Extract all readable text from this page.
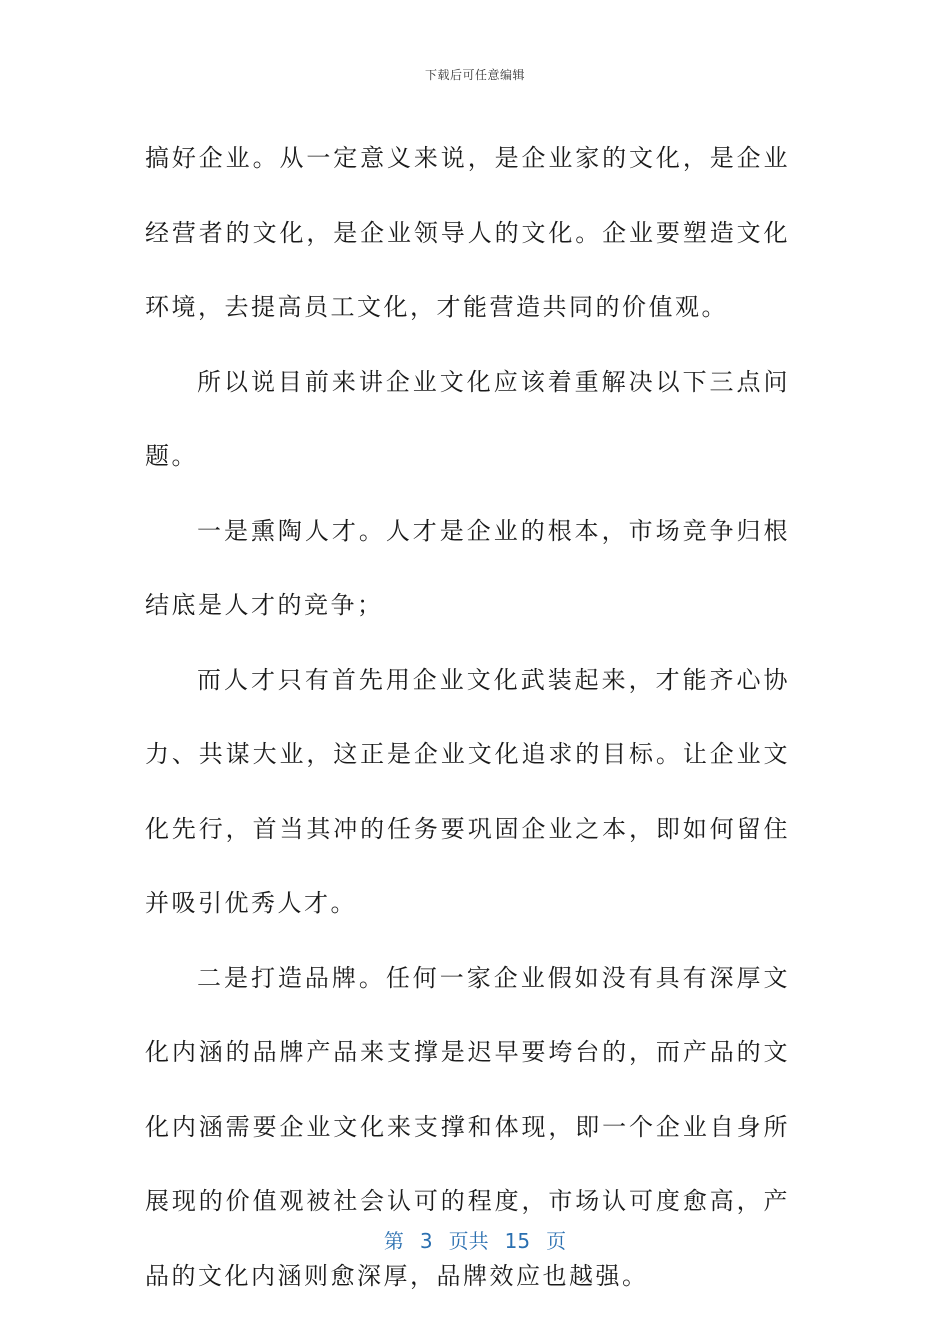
下载后可任意编辑

搞好企业。从一定意义来说，是企业家的文化，是企业经营者的文化，是企业领导人的文化。企业要塑造文化环境，去提高员工文化，才能营造共同的价值观。

所以说目前来讲企业文化应该着重解决以下三点问题。

一是熏陶人才。人才是企业的根本，市场竞争归根结底是人才的竞争；

而人才只有首先用企业文化武装起来，才能齐心协力、共谋大业，这正是企业文化追求的目标。让企业文化先行，首当其冲的任务要巩固企业之本，即如何留住并吸引优秀人才。

二是打造品牌。任何一家企业假如没有具有深厚文化内涵的品牌产品来支撑是迟早要垮台的，而产品的文化内涵需要企业文化来支撑和体现，即一个企业自身所展现的价值观被社会认可的程度，市场认可度愈高，产品的文化内涵则愈深厚，品牌效应也越强。

第 3 页共 15 页
